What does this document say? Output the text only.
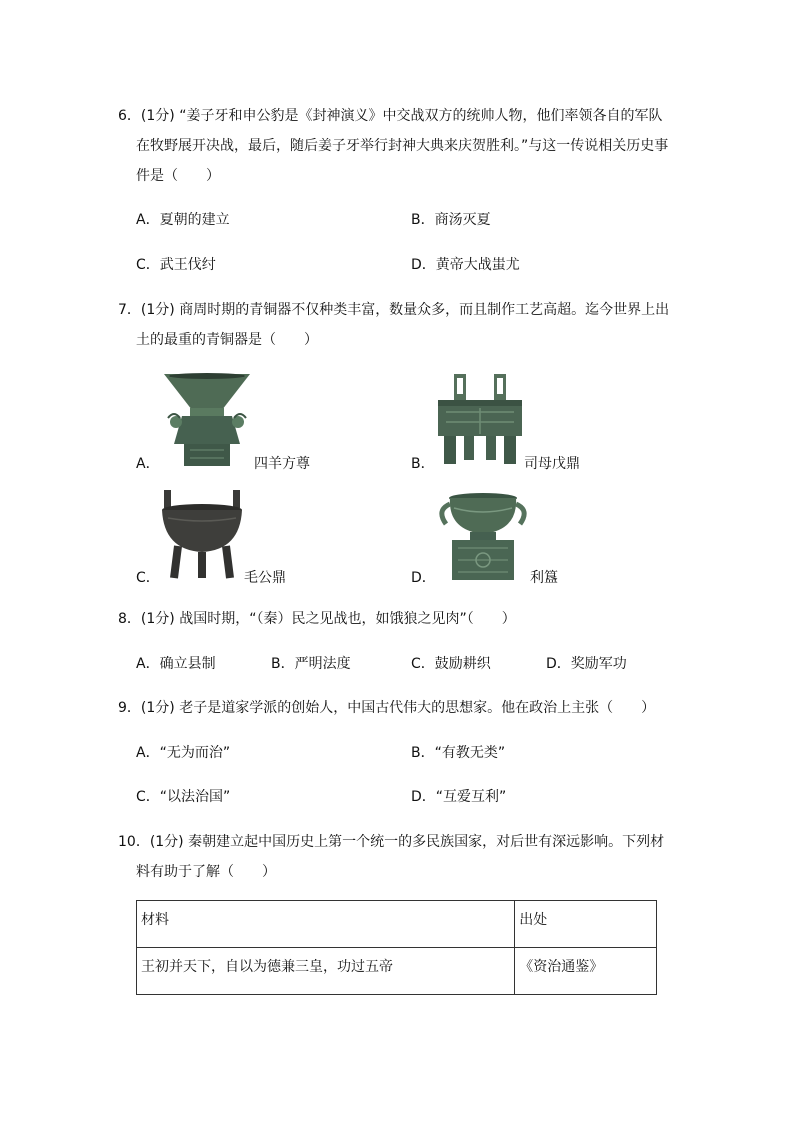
6．(1分) “姜子牙和申公豹是《封神演义》中交战双方的统帅人物，他们率领各自的军队
在牧野展开决战，最后，随后姜子牙举行封神大典来庆贺胜利。”与这一传说相关历史事
件是（　　）
A．夏朝的建立	B．商汤灭夏
C．武王伐纣	D．黄帝大战蚩尤
7．(1分) 商周时期的青铜器不仅种类丰富，数量众多，而且制作工艺高超。迄今世界上出
土的最重的青铜器是（　　）
A．	四羊方尊	B．	司母戊鼎
C．	毛公鼎	D．	利簋
8．(1分) 战国时期，“（秦）民之见战也，如饿狼之见肉”（　　）
A．确立县制	B．严明法度	C．鼓励耕织	D．奖励军功
9．(1分) 老子是道家学派的创始人，中国古代伟大的思想家。他在政治上主张（　　）
A．“无为而治”	B．“有教无类”
C．“以法治国”	D．“互爱互利”
10．(1分) 秦朝建立起中国历史上第一个统一的多民族国家，对后世有深远影响。下列材
料有助于了解（　　）
材料	出处
王初并天下，自以为德兼三皇，功过五帝	《资治通鉴》
